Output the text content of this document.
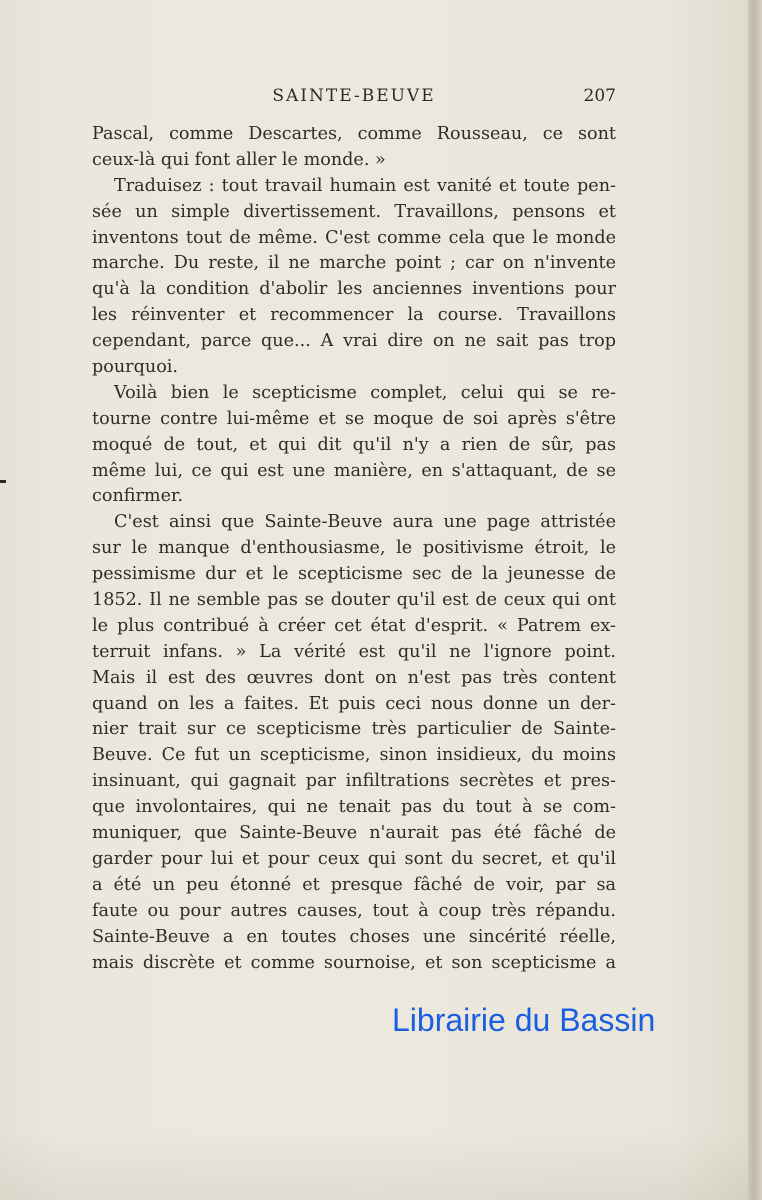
SAINTE-BEUVE	207
Pascal, comme Descartes, comme Rousseau, ce sont
ceux-là qui font aller le monde. »
Traduisez : tout travail humain est vanité et toute pen-
sée un simple divertissement. Travaillons, pensons et
inventons tout de même. C'est comme cela que le monde
marche. Du reste, il ne marche point ; car on n'invente
qu'à la condition d'abolir les anciennes inventions pour
les réinventer et recommencer la course. Travaillons
cependant, parce que... A vrai dire on ne sait pas trop
pourquoi.
Voilà bien le scepticisme complet, celui qui se re-
tourne contre lui-même et se moque de soi après s'être
moqué de tout, et qui dit qu'il n'y a rien de sûr, pas
même lui, ce qui est une manière, en s'attaquant, de se
confirmer.
C'est ainsi que Sainte-Beuve aura une page attristée
sur le manque d'enthousiasme, le positivisme étroit, le
pessimisme dur et le scepticisme sec de la jeunesse de
1852. Il ne semble pas se douter qu'il est de ceux qui ont
le plus contribué à créer cet état d'esprit. « Patrem ex-
terruit infans. » La vérité est qu'il ne l'ignore point.
Mais il est des œuvres dont on n'est pas très content
quand on les a faites. Et puis ceci nous donne un der-
nier trait sur ce scepticisme très particulier de Sainte-
Beuve. Ce fut un scepticisme, sinon insidieux, du moins
insinuant, qui gagnait par infiltrations secrètes et pres-
que involontaires, qui ne tenait pas du tout à se com-
muniquer, que Sainte-Beuve n'aurait pas été fâché de
garder pour lui et pour ceux qui sont du secret, et qu'il
a été un peu étonné et presque fâché de voir, par sa
faute ou pour autres causes, tout à coup très répandu.
Sainte-Beuve a en toutes choses une sincérité réelle,
mais discrète et comme sournoise, et son scepticisme a
Librairie du Bassin
